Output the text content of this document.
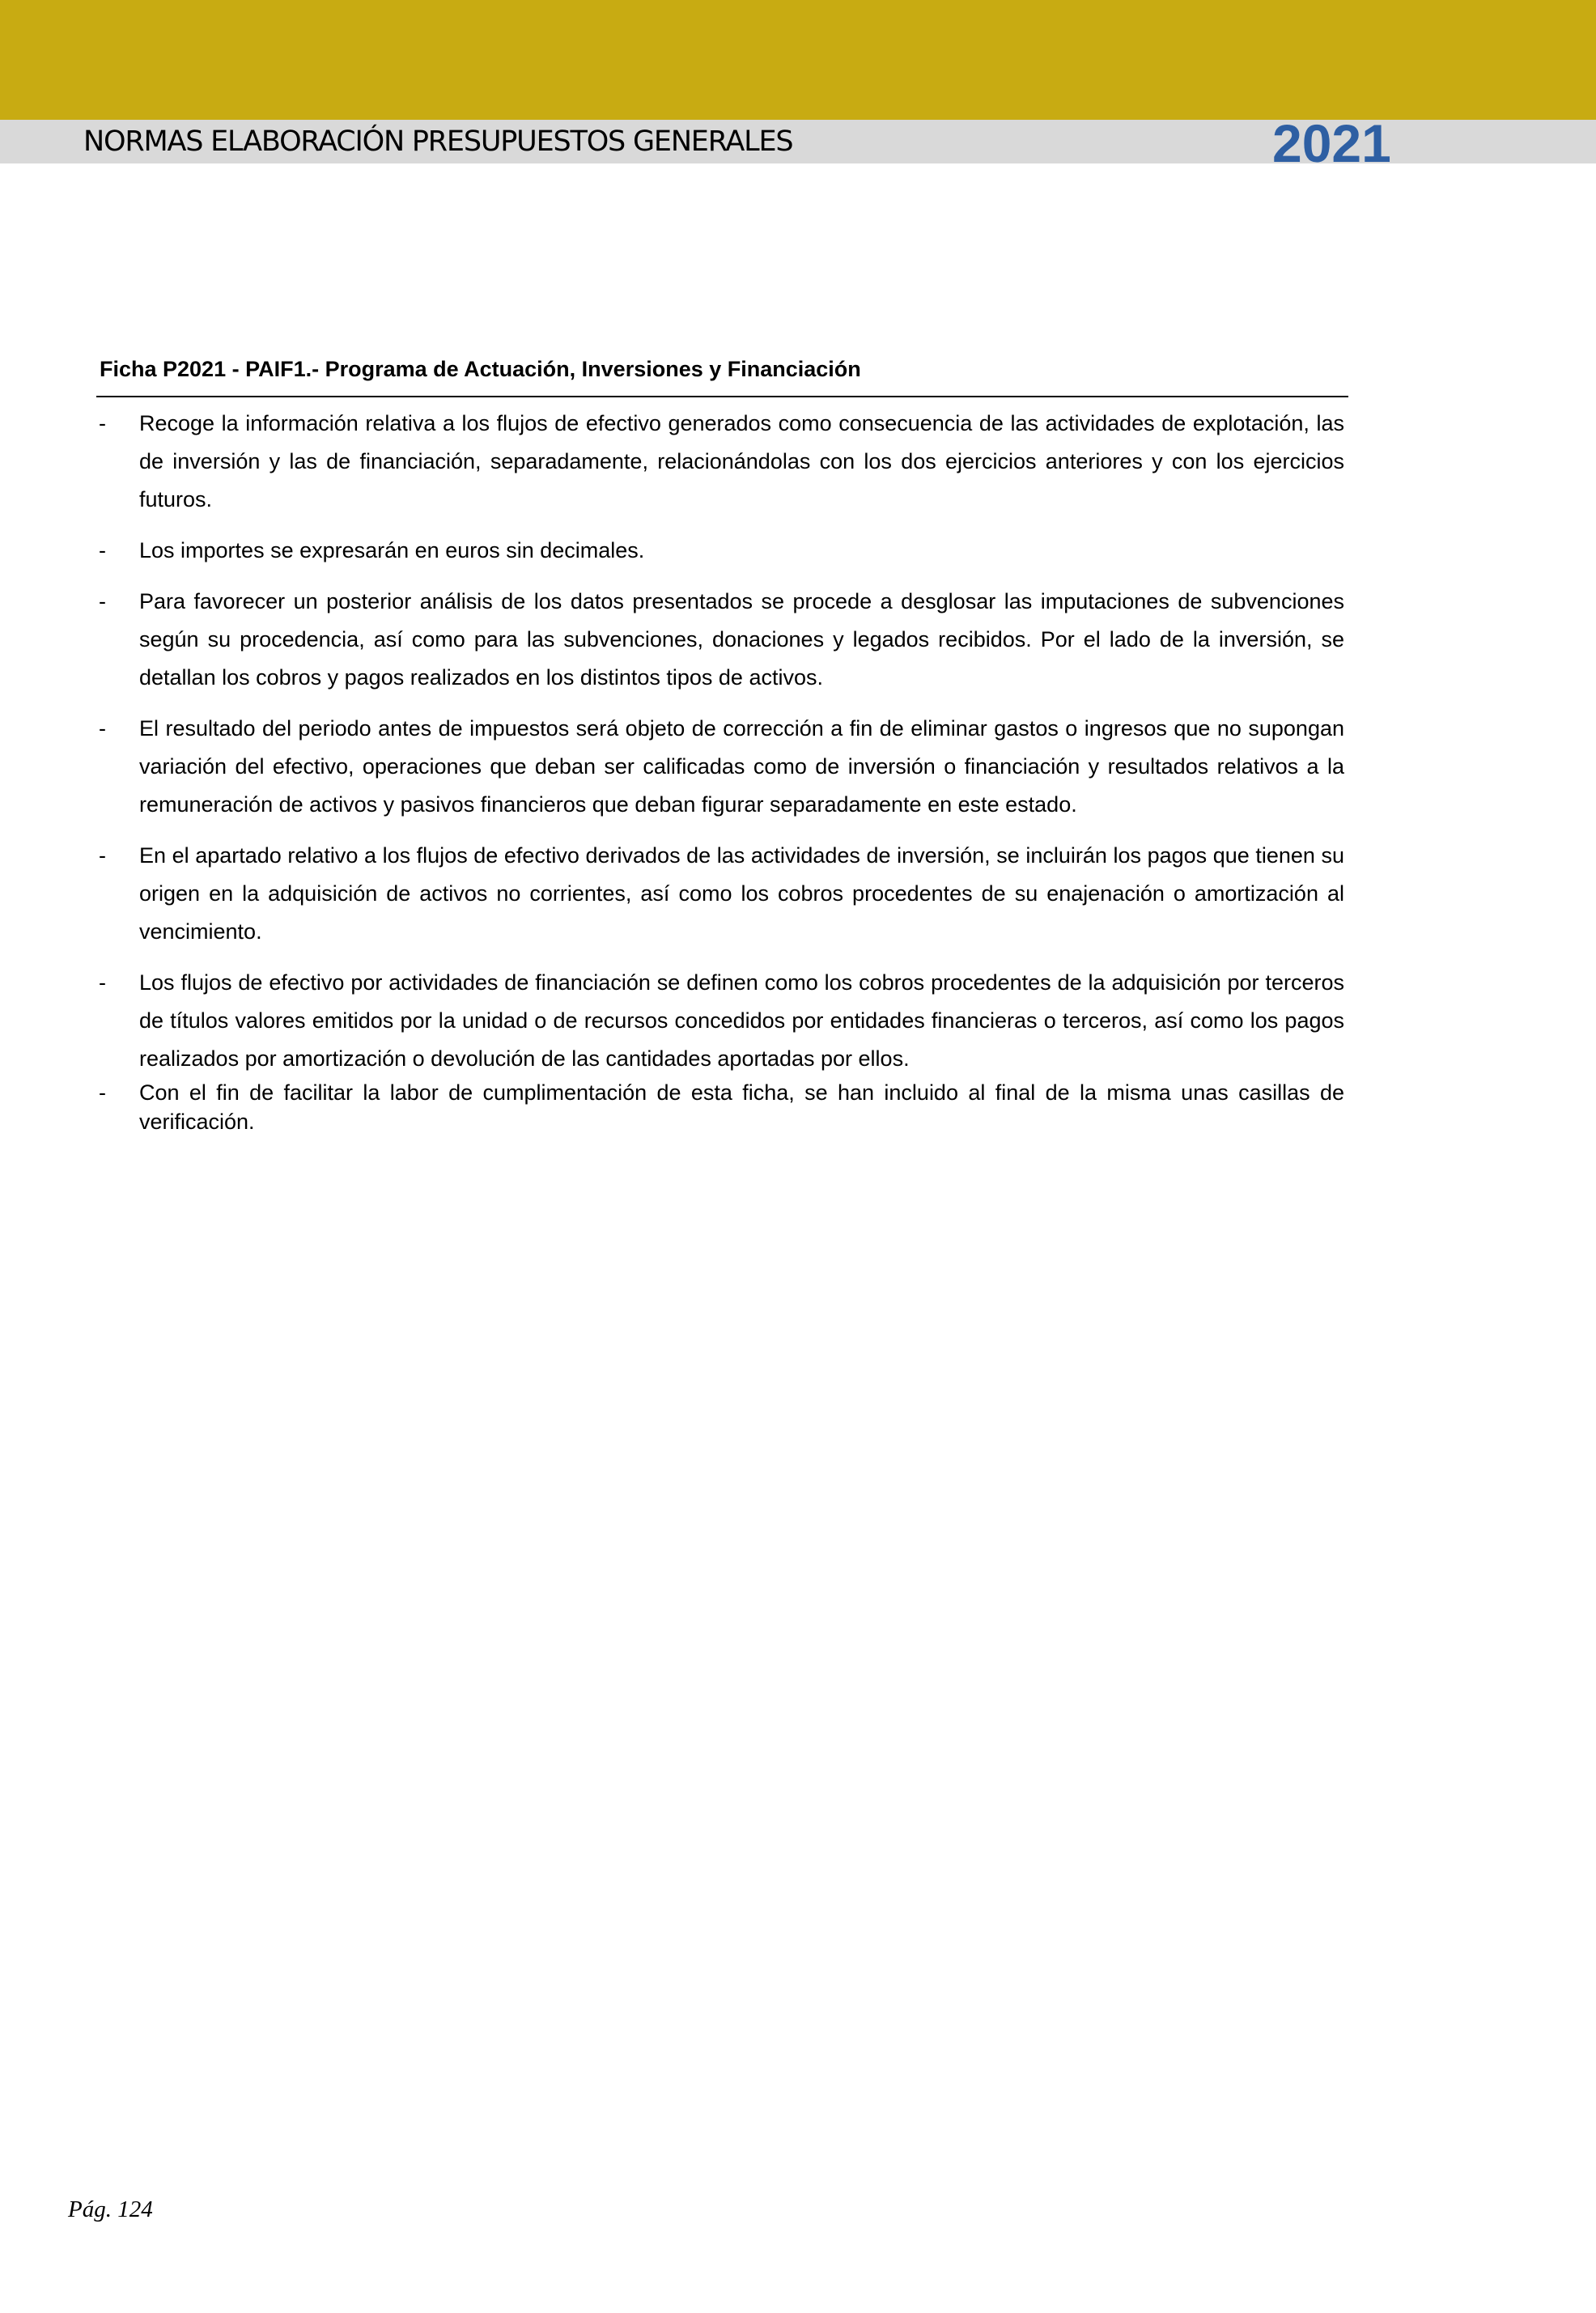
NORMAS ELABORACIÓN PRESUPUESTOS GENERALES	2021
Ficha P2021 - PAIF1.- Programa de Actuación, Inversiones y Financiación
- Recoge la información relativa a los flujos de efectivo generados como consecuencia de las actividades de explotación, las de inversión y las de financiación, separadamente, relacionándolas con los dos ejercicios anteriores y con los ejercicios futuros.
- Los importes se expresarán en euros sin decimales.
- Para favorecer un posterior análisis de los datos presentados se procede a desglosar las imputaciones de subvenciones según su procedencia, así como para las subvenciones, donaciones y legados recibidos. Por el lado de la inversión, se detallan los cobros y pagos realizados en los distintos tipos de activos.
- El resultado del periodo antes de impuestos será objeto de corrección a fin de eliminar gastos o ingresos que no supongan variación del efectivo, operaciones que deban ser calificadas como de inversión o financiación y resultados relativos a la remuneración de activos y pasivos financieros que deban figurar separadamente en este estado.
- En el apartado relativo a los flujos de efectivo derivados de las actividades de inversión, se incluirán los pagos que tienen su origen en la adquisición de activos no corrientes, así como los cobros procedentes de su enajenación o amortización al vencimiento.
- Los flujos de efectivo por actividades de financiación se definen como los cobros procedentes de la adquisición por terceros de títulos valores emitidos por la unidad o de recursos concedidos por entidades financieras o terceros, así como los pagos realizados por amortización o devolución de las cantidades aportadas por ellos.
- Con el fin de facilitar la labor de cumplimentación de esta ficha, se han incluido al final de la misma unas casillas de verificación.
Pág. 124
